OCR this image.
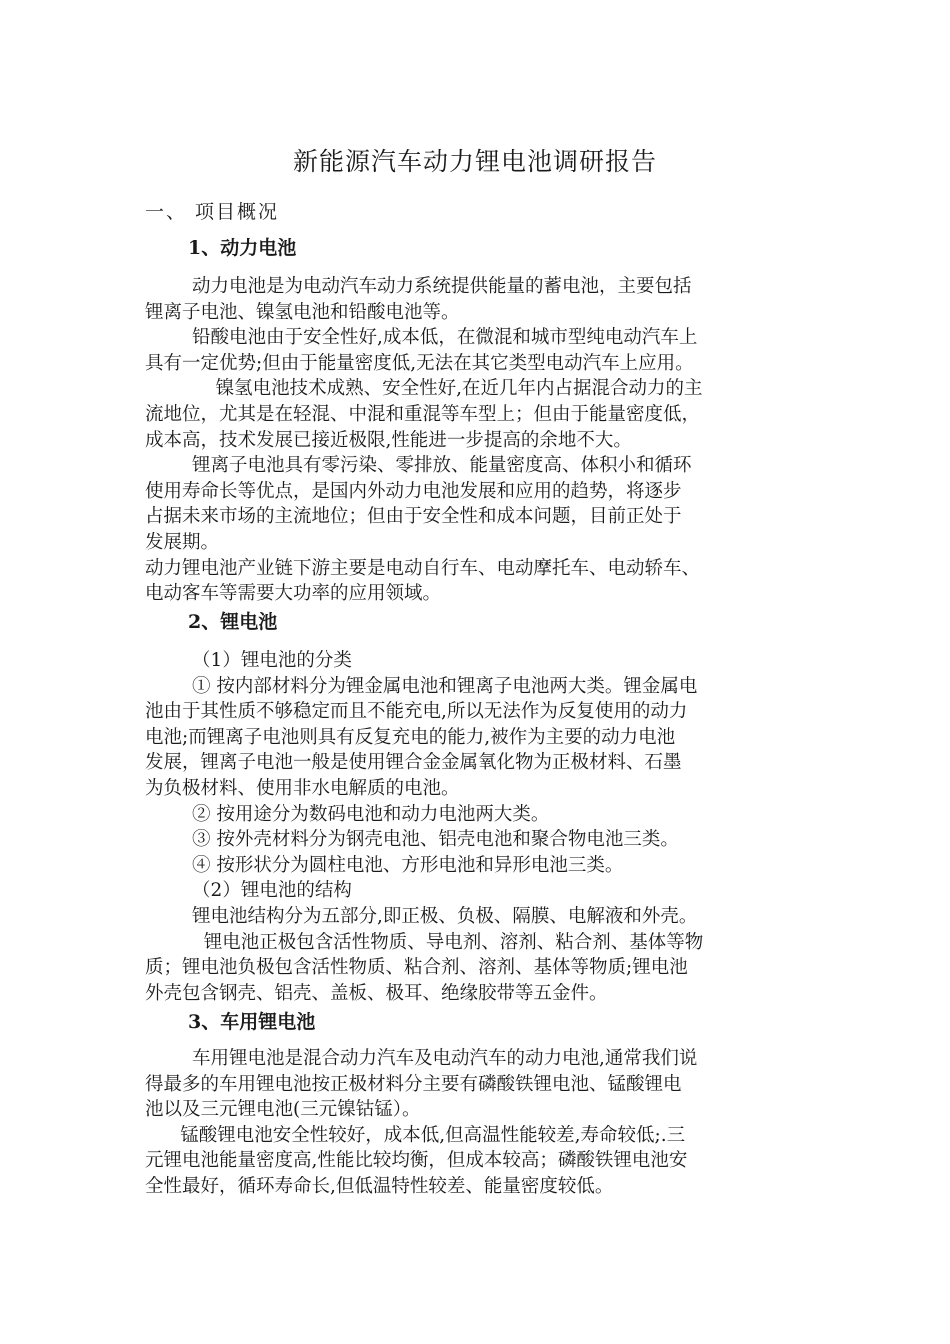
新能源汽车动力锂电池调研报告
一、 项目概况
1、动力电池
动力电池是为电动汽车动力系统提供能量的蓄电池，主要包括
锂离子电池、镍氢电池和铅酸电池等。
铅酸电池由于安全性好,成本低，在微混和城市型纯电动汽车上
具有一定优势;但由于能量密度低,无法在其它类型电动汽车上应用。
镍氢电池技术成熟、安全性好,在近几年内占据混合动力的主
流地位，尤其是在轻混、中混和重混等车型上；但由于能量密度低，
成本高，技术发展已接近极限,性能进一步提高的余地不大。
锂离子电池具有零污染、零排放、能量密度高、体积小和循环
使用寿命长等优点，是国内外动力电池发展和应用的趋势，将逐步
占据未来市场的主流地位；但由于安全性和成本问题，目前正处于
发展期。
动力锂电池产业链下游主要是电动自行车、电动摩托车、电动轿车、
电动客车等需要大功率的应用领域。
2、锂电池
（1）锂电池的分类
① 按内部材料分为锂金属电池和锂离子电池两大类。锂金属电
池由于其性质不够稳定而且不能充电,所以无法作为反复使用的动力
电池;而锂离子电池则具有反复充电的能力,被作为主要的动力电池
发展，锂离子电池一般是使用锂合金金属氧化物为正极材料、石墨
为负极材料、使用非水电解质的电池。
② 按用途分为数码电池和动力电池两大类。
③ 按外壳材料分为钢壳电池、铝壳电池和聚合物电池三类。
④ 按形状分为圆柱电池、方形电池和异形电池三类。
（2）锂电池的结构
锂电池结构分为五部分,即正极、负极、隔膜、电解液和外壳。
锂电池正极包含活性物质、导电剂、溶剂、粘合剂、基体等物
质；锂电池负极包含活性物质、粘合剂、溶剂、基体等物质;锂电池
外壳包含钢壳、铝壳、盖板、极耳、绝缘胶带等五金件。
3、车用锂电池
车用锂电池是混合动力汽车及电动汽车的动力电池,通常我们说
得最多的车用锂电池按正极材料分主要有磷酸铁锂电池、锰酸锂电
池以及三元锂电池(三元镍钴锰）。
锰酸锂电池安全性较好，成本低,但高温性能较差,寿命较低;.三
元锂电池能量密度高,性能比较均衡，但成本较高；磷酸铁锂电池安
全性最好，循环寿命长,但低温特性较差、能量密度较低。
